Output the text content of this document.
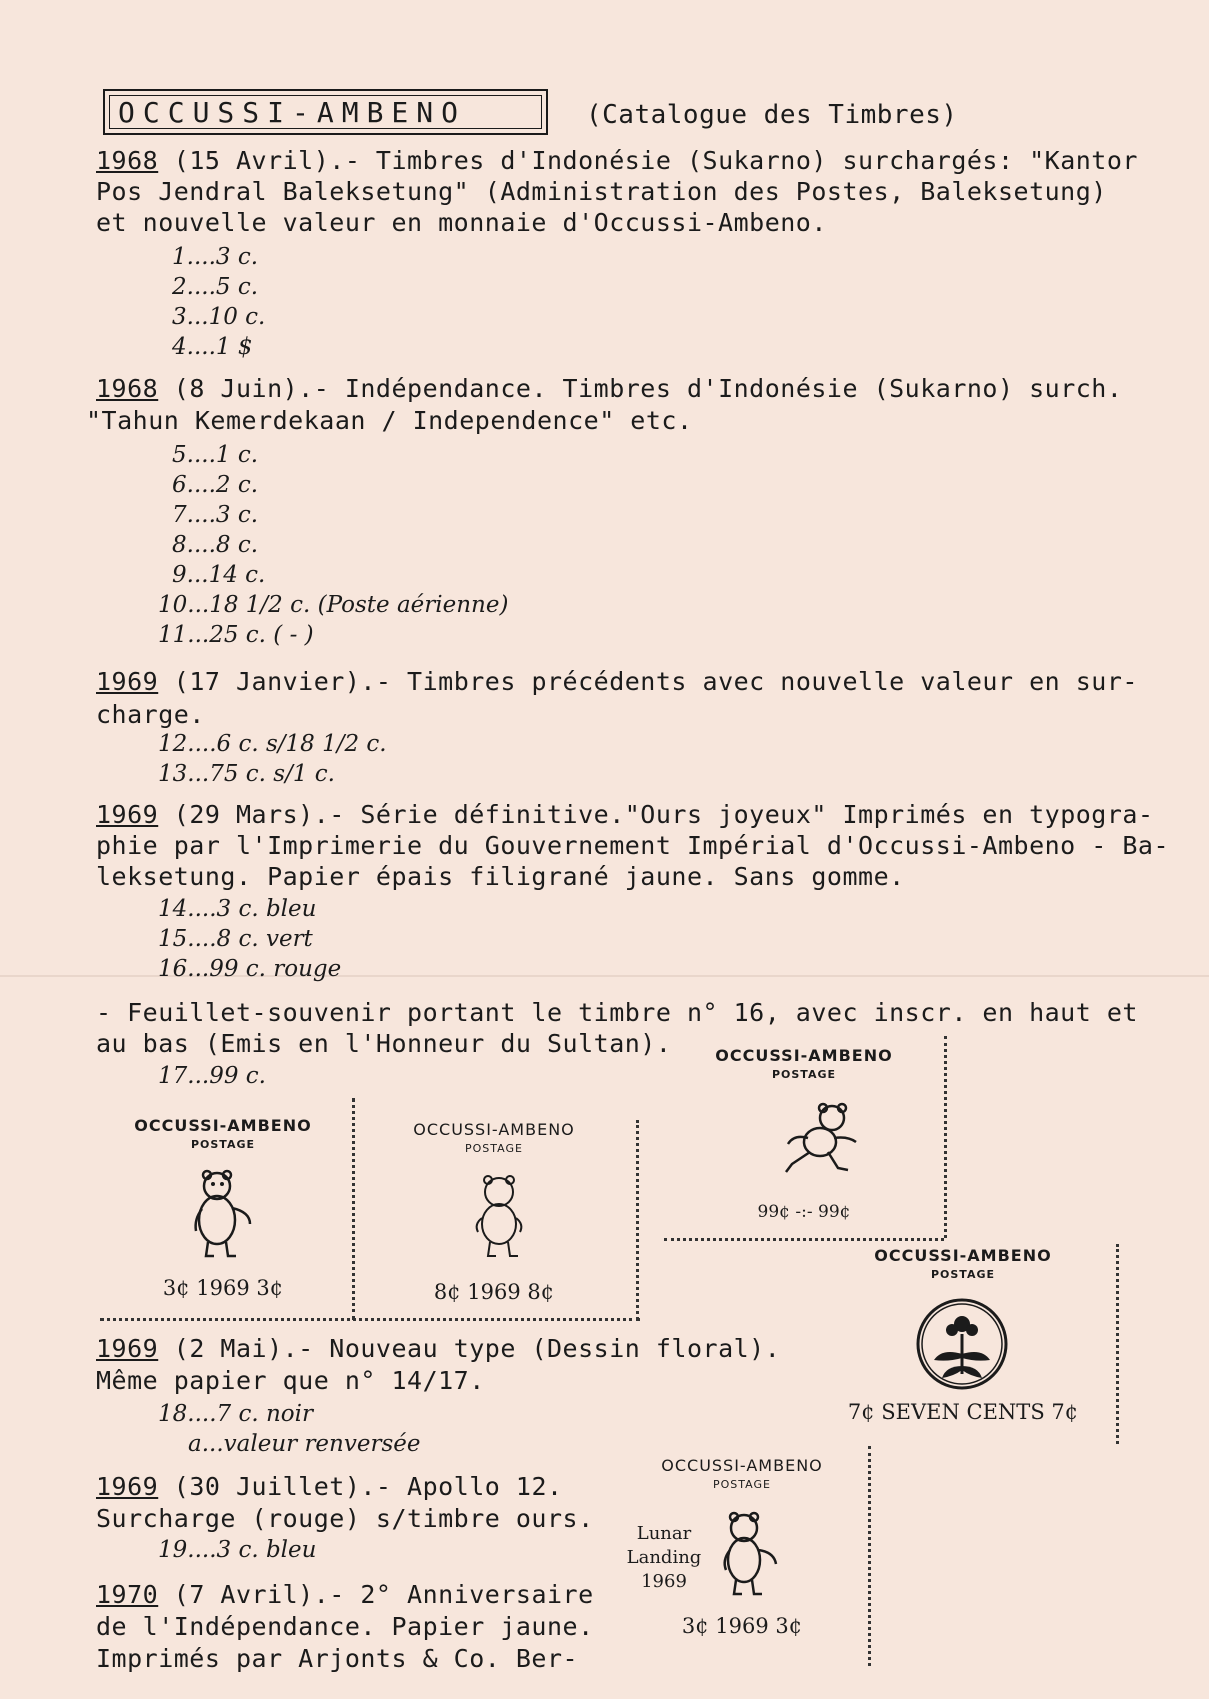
OCCUSSI-AMBENO	(Catalogue des Timbres)
1968 (15 Avril).- Timbres d'Indonésie (Sukarno) surchargés: "Kantor
Pos Jendral Baleksetung" (Administration des Postes, Baleksetung)
et nouvelle valeur en monnaie d'Occussi-Ambeno.
1....3 c.
2....5 c.
3...10 c.
4....1 $
1968 (8 Juin).- Indépendance. Timbres d'Indonésie (Sukarno) surch.
"Tahun Kemerdekaan / Independence" etc.
5....1 c.
6....2 c.
7....3 c.
8....8 c.
9...14 c.
10...18 1/2 c. (Poste aérienne)
11...25 c. ( - )
1969 (17 Janvier).- Timbres précédents avec nouvelle valeur en sur-
charge.
12....6 c. s/18 1/2 c.
13...75 c. s/1 c.
1969 (29 Mars).- Série définitive."Ours joyeux" Imprimés en typogra-
phie par l'Imprimerie du Gouvernement Impérial d'Occussi-Ambeno - Ba-
leksetung. Papier épais filigrané jaune. Sans gomme.
14....3 c. bleu
15....8 c. vert
16...99 c. rouge
- Feuillet-souvenir portant le timbre n° 16, avec inscr. en haut et
au bas (Emis en l'Honneur du Sultan).
17...99 c.
1969 (2 Mai).- Nouveau type (Dessin floral).
Même papier que n° 14/17.
18....7 c. noir
a...valeur renversée
1969 (30 Juillet).- Apollo 12.
Surcharge (rouge) s/timbre ours.
19....3 c. bleu
1970 (7 Avril).- 2° Anniversaire
de l'Indépendance. Papier jaune.
Imprimés par Arjonts & Co. Ber-
OCCUSSI-AMBENO
POSTAGE
3¢ 1969 3¢
OCCUSSI-AMBENO
POSTAGE
8¢ 1969 8¢
OCCUSSI-AMBENO
POSTAGE
99¢ -:- 99¢
OCCUSSI-AMBENO
POSTAGE
7¢ SEVEN CENTS 7¢
OCCUSSI-AMBENO
POSTAGE
Lunar
Landing
1969
3¢ 1969 3¢
